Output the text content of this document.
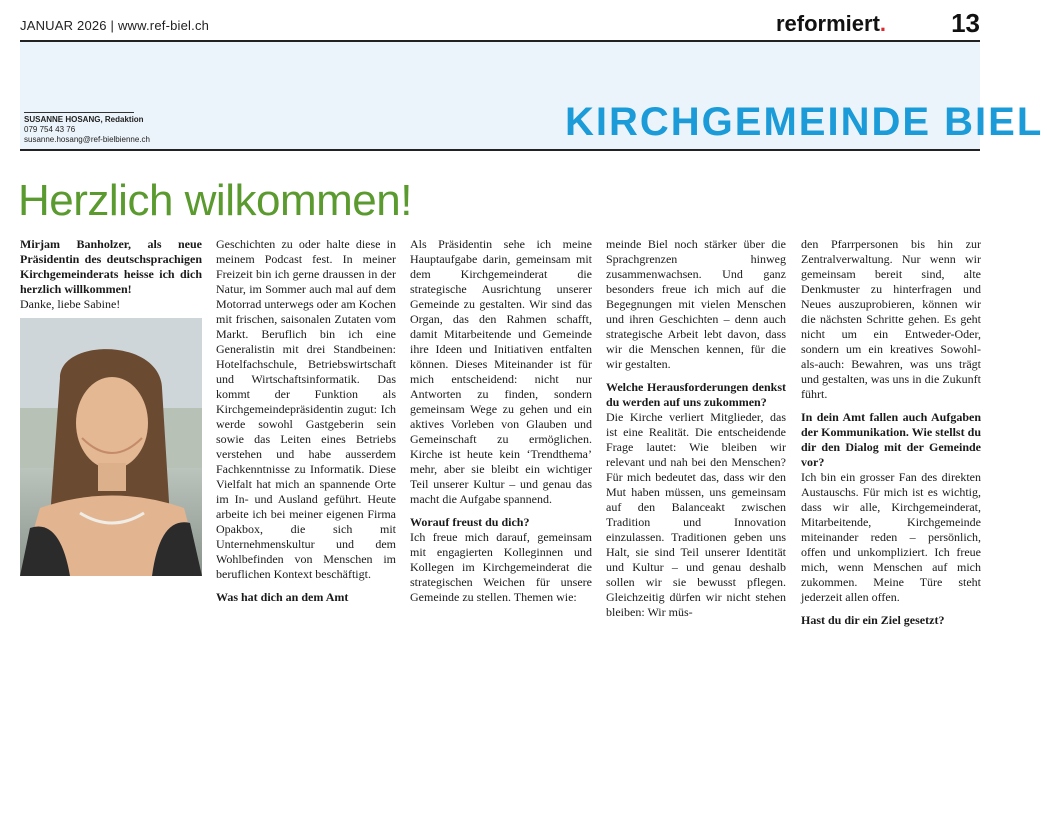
JANUAR 2026 | www.ref-biel.ch	reformiert.	13
SUSANNE HOSANG, Redaktion
079 754 43 76
susanne.hosang@ref-bielbienne.ch	KIRCHGEMEINDE BIEL
Herzlich wilkommen!

Mirjam Banholzer, als neue Präsidentin des deutschsprachigen Kirchgemeinderats heisse ich dich herzlich willkommen!

Danke, liebe Sabine!

© Sabine Brenner

Geschichten zu oder halte diese in meinem Podcast fest. In meiner Freizeit bin ich gerne draussen in der Natur, im Sommer auch mal auf dem Motorrad unterwegs oder am Kochen mit frischen, saisonalen Zutaten vom Markt. Beruflich bin ich eine Generalistin mit drei Standbeinen: Hotelfachschule, Betriebswirtschaft und Wirtschaftsinformatik. Das kommt der Funktion als Kirchgemeindepräsidentin zugut: Ich werde sowohl Gastgeberin sein sowie das Leiten eines Betriebs verstehen und habe ausserdem Fachkenntnisse zu Informatik. Diese Vielfalt hat mich an spannende Orte im In- und Ausland geführt. Heute arbeite ich bei meiner eigenen Firma Opakbox, die sich mit Unternehmenskultur und dem Wohlbefinden von Menschen im beruflichen Kontext beschäftigt.

Was hat dich an dem Amt

Als Präsidentin sehe ich meine Hauptaufgabe darin, gemeinsam mit dem Kirchgemeinderat die strategische Ausrichtung unserer Gemeinde zu gestalten. Wir sind das Organ, das den Rahmen schafft, damit Mitarbeitende und Gemeinde ihre Ideen und Initiativen entfalten können. Dieses Miteinander ist für mich entscheidend: nicht nur Antworten zu finden, sondern gemeinsam Wege zu gehen und ein aktives Vorleben von Glauben und Gemeinschaft zu ermöglichen. Kirche ist heute kein ‘Trendthema’ mehr, aber sie bleibt ein wichtiger Teil unserer Kultur – und genau das macht die Aufgabe spannend.

Worauf freust du dich?

Ich freue mich darauf, gemeinsam mit engagierten Kolleginnen und Kollegen im Kirchgemeinderat die strategischen Weichen für unsere Gemeinde zu stellen. Themen wie:

meinde Biel noch stärker über die Sprachgrenzen hinweg zusammenwachsen. Und ganz besonders freue ich mich auf die Begegnungen mit vielen Menschen und ihren Geschichten – denn auch strategische Arbeit lebt davon, dass wir die Menschen kennen, für die wir gestalten.

Welche Herausforderungen denkst du werden auf uns zukommen?

Die Kirche verliert Mitglieder, das ist eine Realität. Die entscheidende Frage lautet: Wie bleiben wir relevant und nah bei den Menschen? Für mich bedeutet das, dass wir den Mut haben müssen, uns gemeinsam auf den Balanceakt zwischen Tradition und Innovation einzulassen. Traditionen geben uns Halt, sie sind Teil unserer Identität und Kultur – und genau deshalb sollen wir sie bewusst pflegen. Gleichzeitig dürfen wir nicht stehen bleiben: Wir müs-

den Pfarrpersonen bis hin zur Zentralverwaltung. Nur wenn wir gemeinsam bereit sind, alte Denkmuster zu hinterfragen und Neues auszuprobieren, können wir die nächsten Schritte gehen. Es geht nicht um ein Entweder-Oder, sondern um ein kreatives Sowohl-als-auch: Bewahren, was uns trägt und gestalten, was uns in die Zukunft führt.

In dein Amt fallen auch Aufgaben der Kommunikation. Wie stellst du dir den Dialog mit der Gemeinde vor?

Ich bin ein grosser Fan des direkten Austauschs. Für mich ist es wichtig, dass wir alle, Kirchgemeinderat, Mitarbeitende, Kirchgemeinde miteinander reden – persönlich, offen und unkompliziert. Ich freue mich, wenn Menschen auf mich zukommen. Meine Türe steht jederzeit allen offen.

Hast du dir ein Ziel gesetzt?
